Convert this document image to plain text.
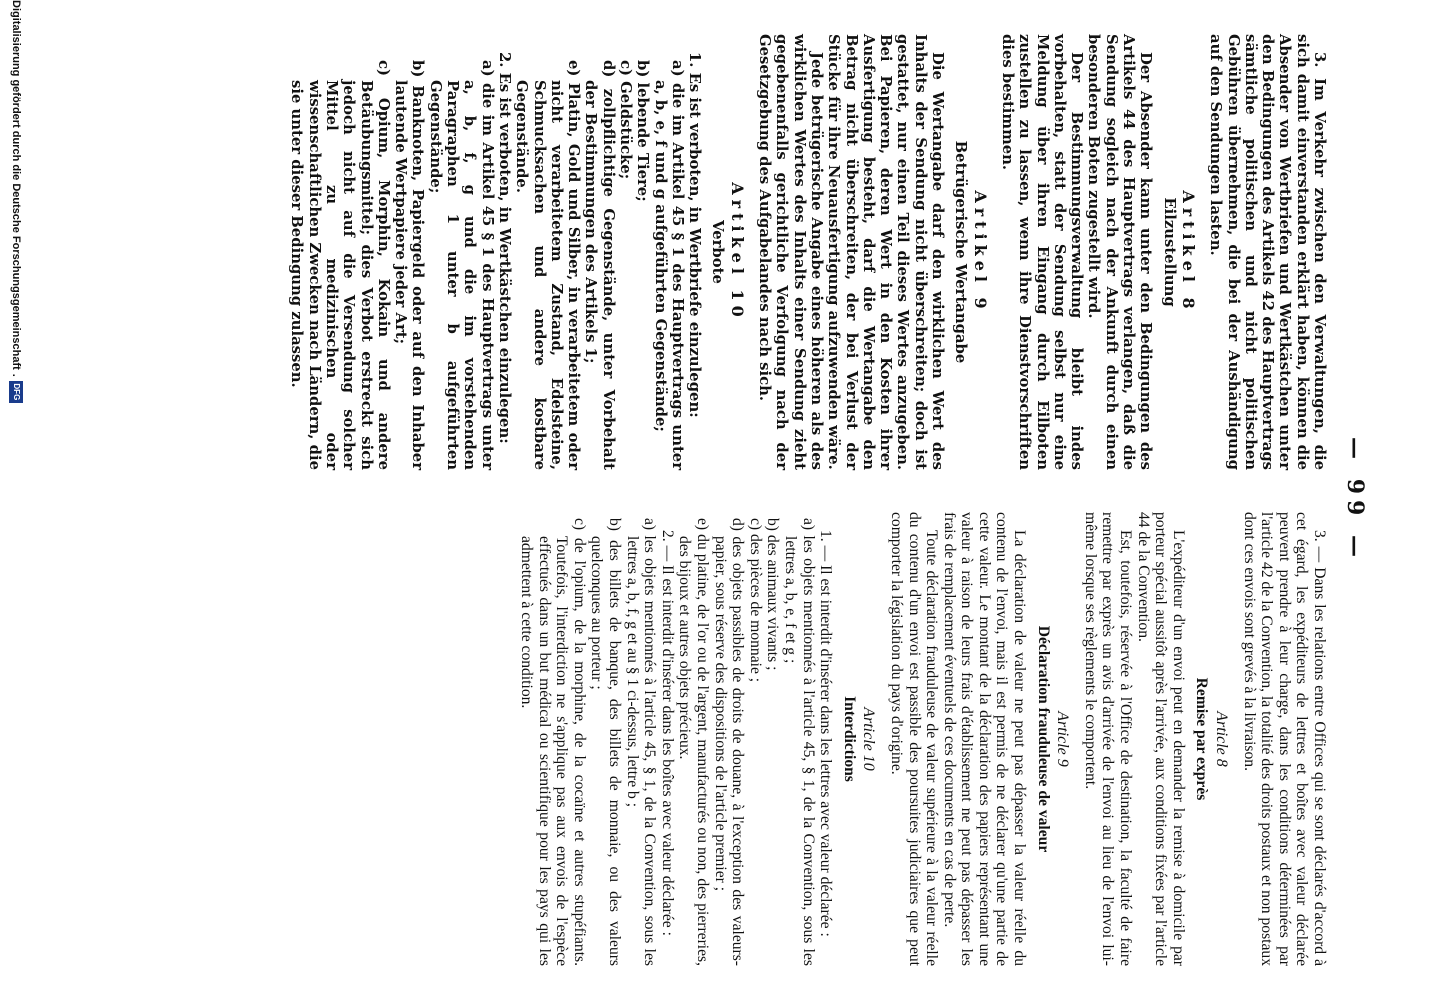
— 99 —

3. Im Verkehr zwischen den Verwaltungen, die sich damit einverstanden erklärt haben, können die Absender von Wertbriefen und Wertkästchen unter den Bedingungen des Artikels 42 des Hauptvertrags sämtliche politischen und nicht politischen Gebühren übernehmen, die bei der Aushändigung auf den Sendungen lasten.

Artikel 8

Eilzustellung

Der Absender kann unter den Bedingungen des Artikels 44 des Hauptvertrags verlangen, daß die Sendung sogleich nach der Ankunft durch einen besonderen Boten zugestellt wird.

Der Bestimmungsverwaltung bleibt indes vorbehalten, statt der Sendung selbst nur eine Meldung über ihren Eingang durch Eilboten zustellen zu lassen, wenn ihre Dienstvorschriften dies bestimmen.

Artikel 9

Betrügerische Wertangabe

Die Wertangabe darf den wirklichen Wert des Inhalts der Sendung nicht überschreiten; doch ist gestattet, nur einen Teil dieses Wertes anzugeben. Bei Papieren, deren Wert in den Kosten ihrer Ausfertigung besteht, darf die Wertangabe den Betrag nicht überschreiten, der bei Verlust der Stücke für ihre Neuausfertigung aufzuwenden wäre.

Jede betrügerische Angabe eines höheren als des wirklichen Wertes des Inhalts einer Sendung zieht gegebenenfalls gerichtliche Verfolgung nach der Gesetzgebung des Aufgabelandes nach sich.

Artikel 10

Verbote

1. Es ist verboten, in Wertbriefe einzulegen:

a) die im Artikel 45 § 1 des Hauptvertrags unter a, b, e, f und g aufgeführten Gegenstände;

b) lebende Tiere;

c) Geldstücke;

d) zollpflichtige Gegenstände, unter Vorbehalt der Bestimmungen des Artikels 1;

e) Platin, Gold und Silber, in verarbeitetem oder nicht verarbeitetem Zustand, Edelsteine, Schmucksachen und andere kostbare Gegenstände.

2. Es ist verboten, in Wertkästchen einzulegen:

a) die im Artikel 45 § 1 des Hauptvertrags unter a, b, f, g und die im vorstehenden Paragraphen 1 unter b aufgeführten Gegenstände;

b) Banknoten, Papiergeld oder auf den Inhaber lautende Wertpapiere jeder Art;

c) Opium, Morphin, Kokain und andere Betäubungsmittel; dies Verbot erstreckt sich jedoch nicht auf die Versendung solcher Mittel zu medizinischen oder wissenschaftlichen Zwecken nach Ländern, die sie unter dieser Bedingung zulassen.

3. — Dans les relations entre Offices qui se sont déclarés d'accord à cet égard, les expéditeurs de lettres et boîtes avec valeur déclarée peuvent prendre à leur charge, dans les conditions déterminées par l'article 42 de la Convention, la totalité des droits postaux et non postaux dont ces envois sont grevés à la livraison.

Article 8

Remise par exprès

L'expéditeur d'un envoi peut en demander la remise à domicile par porteur spécial aussitôt après l'arrivée, aux conditions fixées par l'article 44 de la Convention.

Est, toutefois, réservée à l'Office de destination, la faculté de faire remettre par exprès un avis d'arrivée de l'envoi au lieu de l'envoi lui-même lorsque ses règlements le comportent.

Article 9

Déclaration frauduleuse de valeur

La déclaration de valeur ne peut pas dépasser la valeur réelle du contenu de l'envoi, mais il est permis de ne déclarer qu'une partie de cette valeur. Le montant de la déclaration des papiers représentant une valeur à raison de leurs frais d'établissement ne peut pas dépasser les frais de remplacement éventuels de ces documents en cas de perte.

Toute déclaration frauduleuse de valeur supérieure à la valeur réelle du contenu d'un envoi est passible des poursuites judiciaires que peut comporter la législation du pays d'origine.

Article 10

Interdictions

1. — Il est interdit d'insérer dans les lettres avec valeur déclarée :

a) les objets mentionnés à l'article 45, § 1, de la Convention, sous les lettres a, b, e, f et g ;

b) des animaux vivants ;

c) des pièces de monnaie ;

d) des objets passibles de droits de douane, à l'exception des valeurs-papier, sous réserve des dispositions de l'article premier ;

e) du platine, de l'or ou de l'argent, manufacturés ou non, des pierreries, des bijoux et autres objets précieux.

2. — Il est interdit d'insérer dans les boîtes avec valeur déclarée :

a) les objets mentionnés à l'article 45, § 1, de la Convention, sous les lettres a, b, f, g et au § 1 ci-dessus, lettre b ;

b) des billets de banque, des billets de monnaie, ou des valeurs quelconques au porteur ;

c) de l'opium, de la morphine, de la cocaïne et autres stupéfiants. Toutefois, l'interdiction ne s'applique pas aux envois de l'espèce effectués dans un but médical ou scientifique pour les pays qui les admettent à cette condition.

Digitalisierung gefördert durch die Deutsche Forschungsgemeinschaft
.
DFG
